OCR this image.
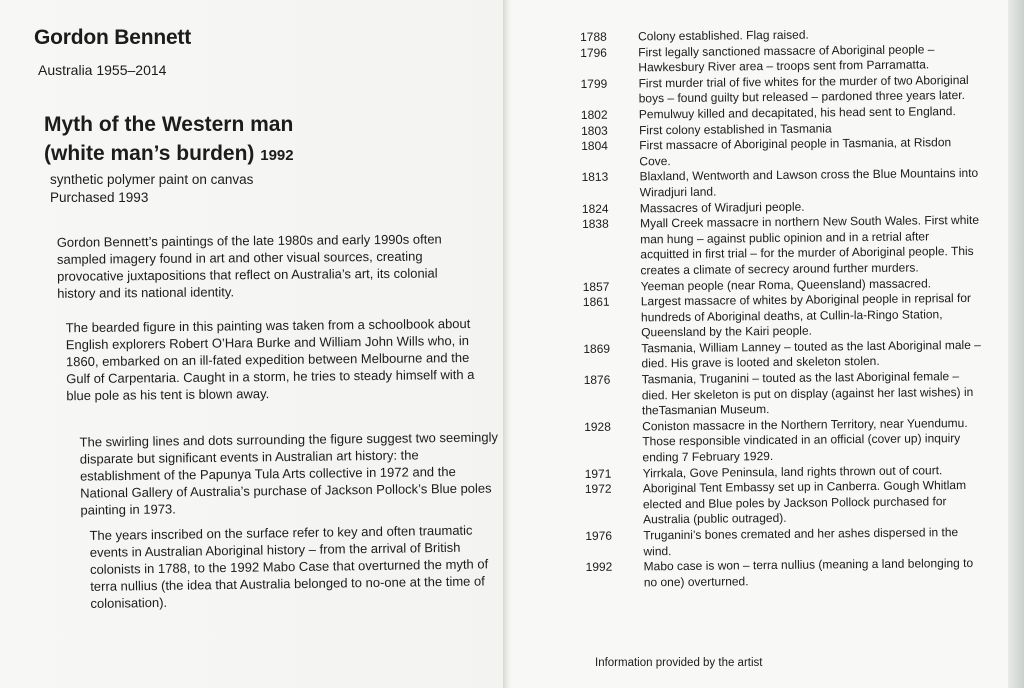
Gordon Bennett
Australia 1955–2014
Myth of the Western man
(white man’s burden) 1992
synthetic polymer paint on canvas
Purchased 1993

Gordon Bennett’s paintings of the late 1980s and early 1990s often sampled imagery found in art and other visual sources, creating provocative juxtapositions that reflect on Australia’s art, its colonial history and its national identity.

The bearded figure in this painting was taken from a schoolbook about English explorers Robert O’Hara Burke and William John Wills who, in 1860, embarked on an ill-fated expedition between Melbourne and the Gulf of Carpentaria. Caught in a storm, he tries to steady himself with a blue pole as his tent is blown away.

The swirling lines and dots surrounding the figure suggest two seemingly disparate but significant events in Australian art history: the establishment of the Papunya Tula Arts collective in 1972 and the National Gallery of Australia’s purchase of Jackson Pollock’s Blue poles painting in 1973.

The years inscribed on the surface refer to key and often traumatic events in Australian Aboriginal history – from the arrival of British colonists in 1788, to the 1992 Mabo Case that overturned the myth of terra nullius (the idea that Australia belonged to no-one at the time of colonisation).

1788	Colony established. Flag raised.
1796	First legally sanctioned massacre of Aboriginal people – Hawkesbury River area – troops sent from Parramatta.
1799	First murder trial of five whites for the murder of two Aboriginal boys – found guilty but released – pardoned three years later.
1802	Pemulwuy killed and decapitated, his head sent to England.
1803	First colony established in Tasmania
1804	First massacre of Aboriginal people in Tasmania, at Risdon Cove.
1813	Blaxland, Wentworth and Lawson cross the Blue Mountains into Wiradjuri land.
1824	Massacres of Wiradjuri people.
1838	Myall Creek massacre in northern New South Wales. First white man hung – against public opinion and in a retrial after acquitted in first trial – for the murder of Aboriginal people. This creates a climate of secrecy around further murders.
1857	Yeeman people (near Roma, Queensland) massacred.
1861	Largest massacre of whites by Aboriginal people in reprisal for hundreds of Aboriginal deaths, at Cullin-la-Ringo Station, Queensland by the Kairi people.
1869	Tasmania, William Lanney – touted as the last Aboriginal male – died. His grave is looted and skeleton stolen.
1876	Tasmania, Truganini – touted as the last Aboriginal female – died. Her skeleton is put on display (against her last wishes) in theTasmanian Museum.
1928	Coniston massacre in the Northern Territory, near Yuendumu. Those responsible vindicated in an official (cover up) inquiry ending 7 February 1929.
1971	Yirrkala, Gove Peninsula, land rights thrown out of court.
1972	Aboriginal Tent Embassy set up in Canberra. Gough Whitlam elected and Blue poles by Jackson Pollock purchased for Australia (public outraged).
1976	Truganini’s bones cremated and her ashes dispersed in the wind.
1992	Mabo case is won – terra nullius (meaning a land belonging to no one) overturned.
Information provided by the artist
